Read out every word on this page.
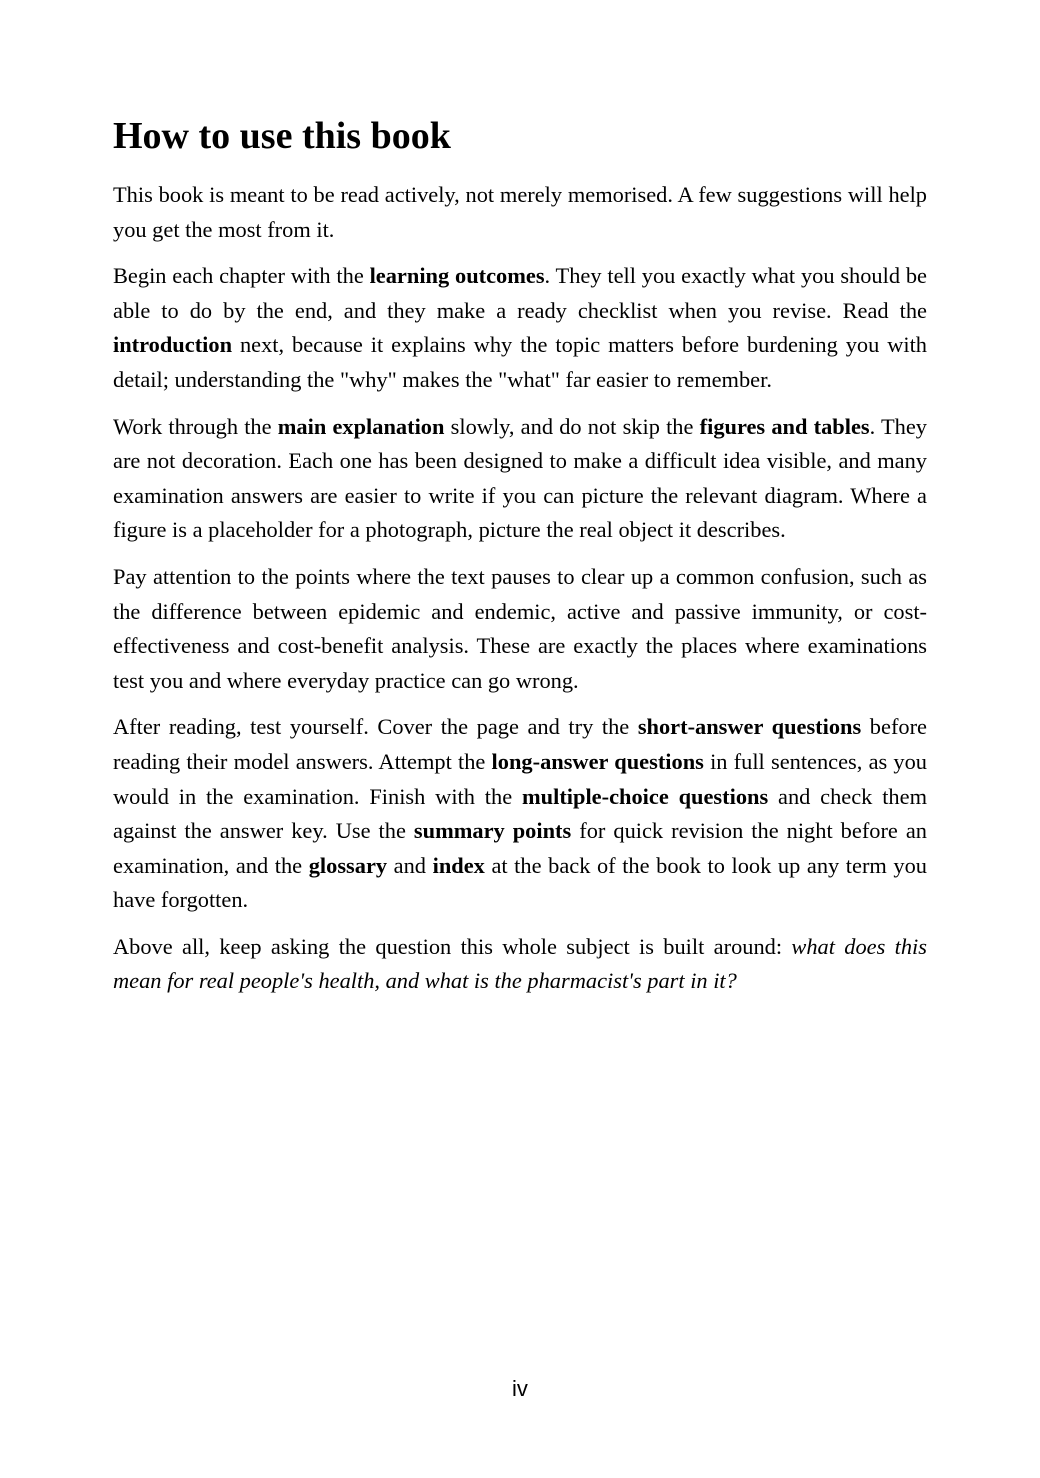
How to use this book

This book is meant to be read actively, not merely memorised. A few suggestions will help you get the most from it.

Begin each chapter with the learning outcomes. They tell you exactly what you should be able to do by the end, and they make a ready checklist when you revise. Read the introduction next, because it explains why the topic matters before burdening you with detail; understanding the "why" makes the "what" far easier to remember.

Work through the main explanation slowly, and do not skip the figures and tables. They are not decoration. Each one has been designed to make a difficult idea visible, and many examination answers are easier to write if you can picture the relevant diagram. Where a figure is a placeholder for a photograph, picture the real object it describes.

Pay attention to the points where the text pauses to clear up a common confusion, such as the difference between epidemic and endemic, active and passive immunity, or cost-effectiveness and cost-benefit analysis. These are exactly the places where examinations test you and where everyday practice can go wrong.

After reading, test yourself. Cover the page and try the short-answer questions before reading their model answers. Attempt the long-answer questions in full sentences, as you would in the examination. Finish with the multiple-choice questions and check them against the answer key. Use the summary points for quick revision the night before an examination, and the glossary and index at the back of the book to look up any term you have forgotten.

Above all, keep asking the question this whole subject is built around: what does this mean for real people's health, and what is the pharmacist's part in it?

iv
